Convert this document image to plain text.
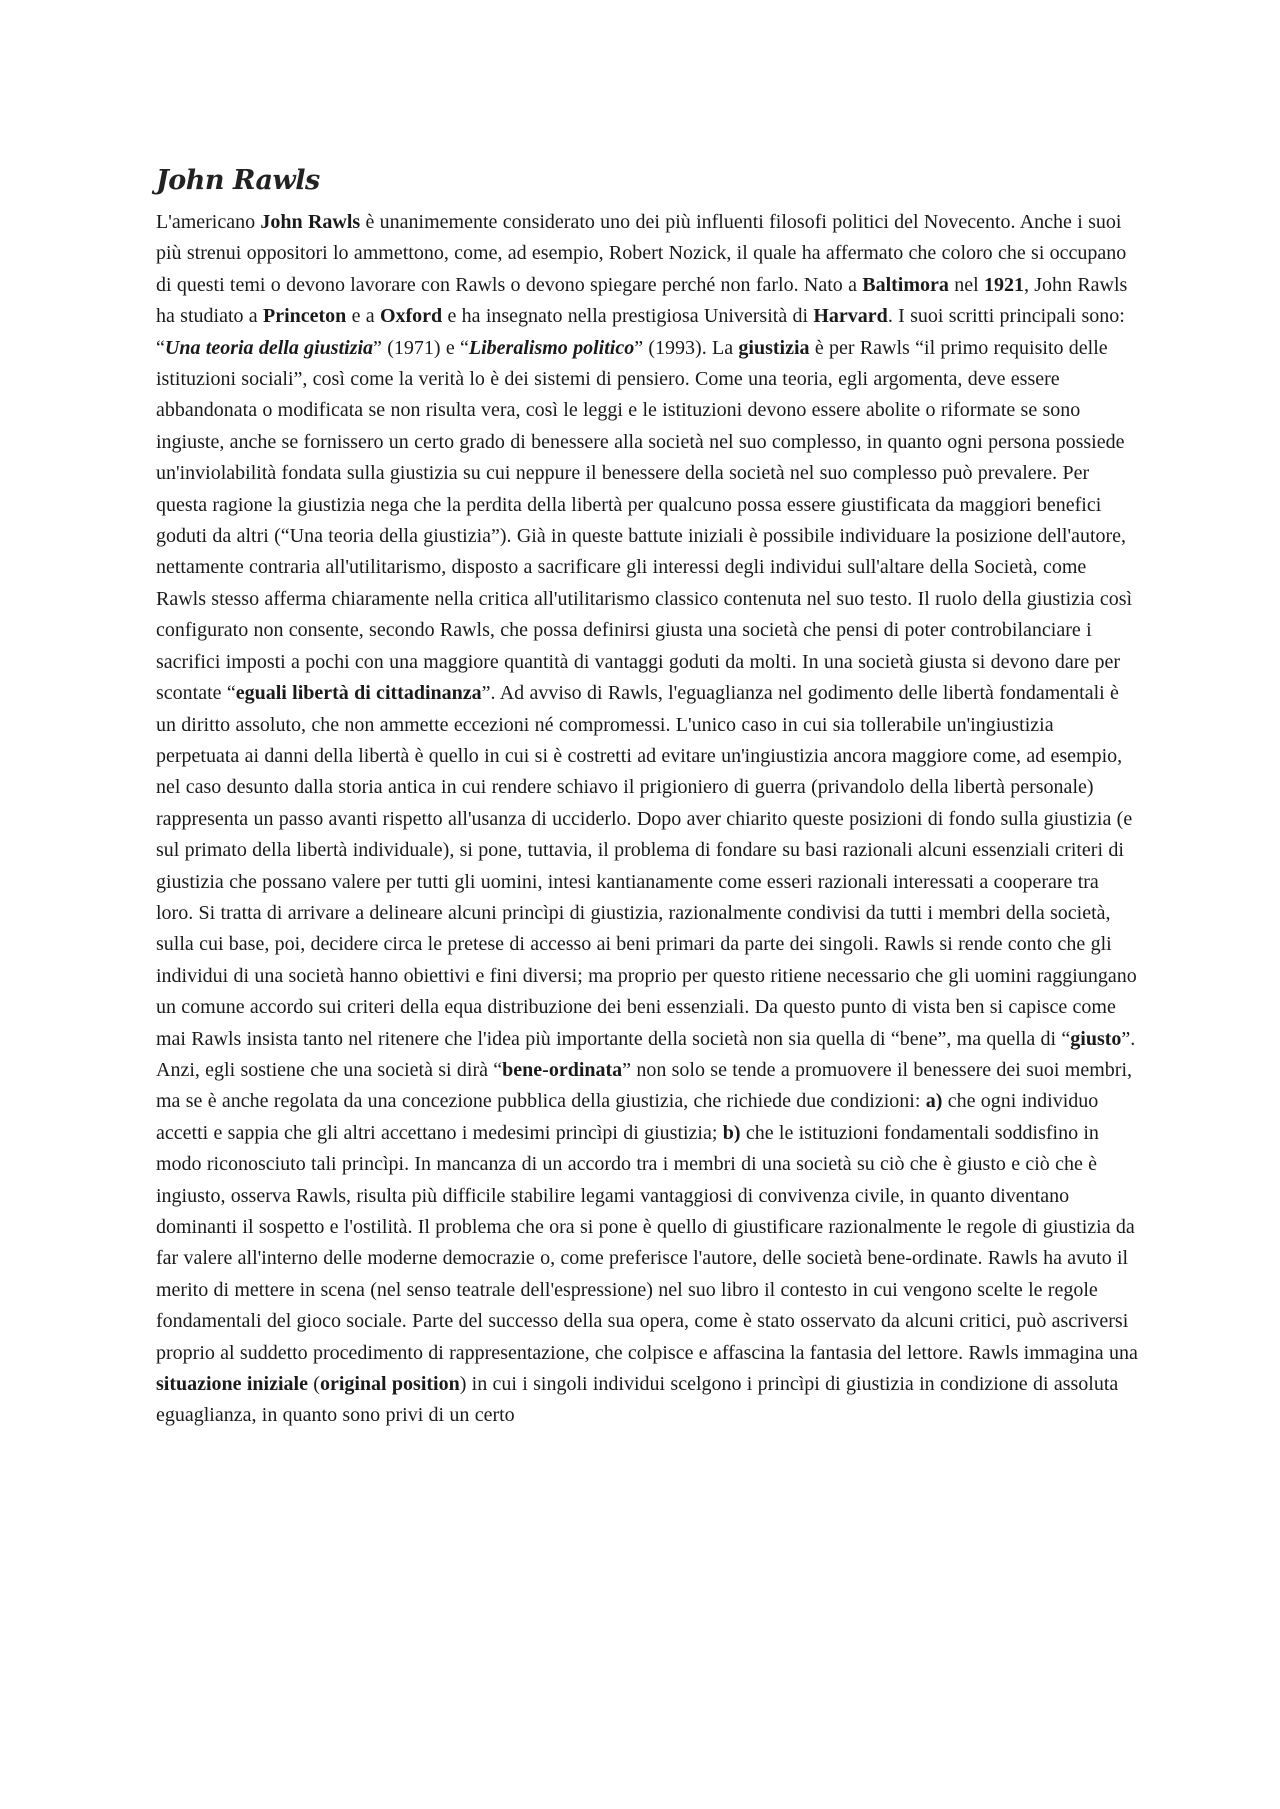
John Rawls

L'americano John Rawls è unanimemente considerato uno dei più influenti filosofi politici del Novecento. Anche i suoi più strenui oppositori lo ammettono, come, ad esempio, Robert Nozick, il quale ha affermato che coloro che si occupano di questi temi o devono lavorare con Rawls o devono spiegare perché non farlo. Nato a Baltimora nel 1921, John Rawls ha studiato a Princeton e a Oxford e ha insegnato nella prestigiosa Università di Harvard. I suoi scritti principali sono: “Una teoria della giustizia” (1971) e “Liberalismo politico” (1993). La giustizia è per Rawls “il primo requisito delle istituzioni sociali”, così come la verità lo è dei sistemi di pensiero. Come una teoria, egli argomenta, deve essere abbandonata o modificata se non risulta vera, così le leggi e le istituzioni devono essere abolite o riformate se sono ingiuste, anche se fornissero un certo grado di benessere alla società nel suo complesso, in quanto ogni persona possiede un'inviolabilità fondata sulla giustizia su cui neppure il benessere della società nel suo complesso può prevalere. Per questa ragione la giustizia nega che la perdita della libertà per qualcuno possa essere giustificata da maggiori benefici goduti da altri (“Una teoria della giustizia”). Già in queste battute iniziali è possibile individuare la posizione dell'autore, nettamente contraria all'utilitarismo, disposto a sacrificare gli interessi degli individui sull'altare della Società, come Rawls stesso afferma chiaramente nella critica all'utilitarismo classico contenuta nel suo testo. Il ruolo della giustizia così configurato non consente, secondo Rawls, che possa definirsi giusta una società che pensi di poter controbilanciare i sacrifici imposti a pochi con una maggiore quantità di vantaggi goduti da molti. In una società giusta si devono dare per scontate “eguali libertà di cittadinanza”. Ad avviso di Rawls, l'eguaglianza nel godimento delle libertà fondamentali è un diritto assoluto, che non ammette eccezioni né compromessi. L'unico caso in cui sia tollerabile un'ingiustizia perpetuata ai danni della libertà è quello in cui si è costretti ad evitare un'ingiustizia ancora maggiore come, ad esempio, nel caso desunto dalla storia antica in cui rendere schiavo il prigioniero di guerra (privandolo della libertà personale) rappresenta un passo avanti rispetto all'usanza di ucciderlo. Dopo aver chiarito queste posizioni di fondo sulla giustizia (e sul primato della libertà individuale), si pone, tuttavia, il problema di fondare su basi razionali alcuni essenziali criteri di giustizia che possano valere per tutti gli uomini, intesi kantianamente come esseri razionali interessati a cooperare tra loro. Si tratta di arrivare a delineare alcuni princìpi di giustizia, razionalmente condivisi da tutti i membri della società, sulla cui base, poi, decidere circa le pretese di accesso ai beni primari da parte dei singoli. Rawls si rende conto che gli individui di una società hanno obiettivi e fini diversi; ma proprio per questo ritiene necessario che gli uomini raggiungano un comune accordo sui criteri della equa distribuzione dei beni essenziali. Da questo punto di vista ben si capisce come mai Rawls insista tanto nel ritenere che l'idea più importante della società non sia quella di “bene”, ma quella di “giusto”. Anzi, egli sostiene che una società si dirà “bene-ordinata” non solo se tende a promuovere il benessere dei suoi membri, ma se è anche regolata da una concezione pubblica della giustizia, che richiede due condizioni: a) che ogni individuo accetti e sappia che gli altri accettano i medesimi princìpi di giustizia; b) che le istituzioni fondamentali soddisfino in modo riconosciuto tali princìpi. In mancanza di un accordo tra i membri di una società su ciò che è giusto e ciò che è ingiusto, osserva Rawls, risulta più difficile stabilire legami vantaggiosi di convivenza civile, in quanto diventano dominanti il sospetto e l'ostilità. Il problema che ora si pone è quello di giustificare razionalmente le regole di giustizia da far valere all'interno delle moderne democrazie o, come preferisce l'autore, delle società bene-ordinate. Rawls ha avuto il merito di mettere in scena (nel senso teatrale dell'espressione) nel suo libro il contesto in cui vengono scelte le regole fondamentali del gioco sociale. Parte del successo della sua opera, come è stato osservato da alcuni critici, può ascriversi proprio al suddetto procedimento di rappresentazione, che colpisce e affascina la fantasia del lettore. Rawls immagina una situazione iniziale (original position) in cui i singoli individui scelgono i princìpi di giustizia in condizione di assoluta eguaglianza, in quanto sono privi di un certo
